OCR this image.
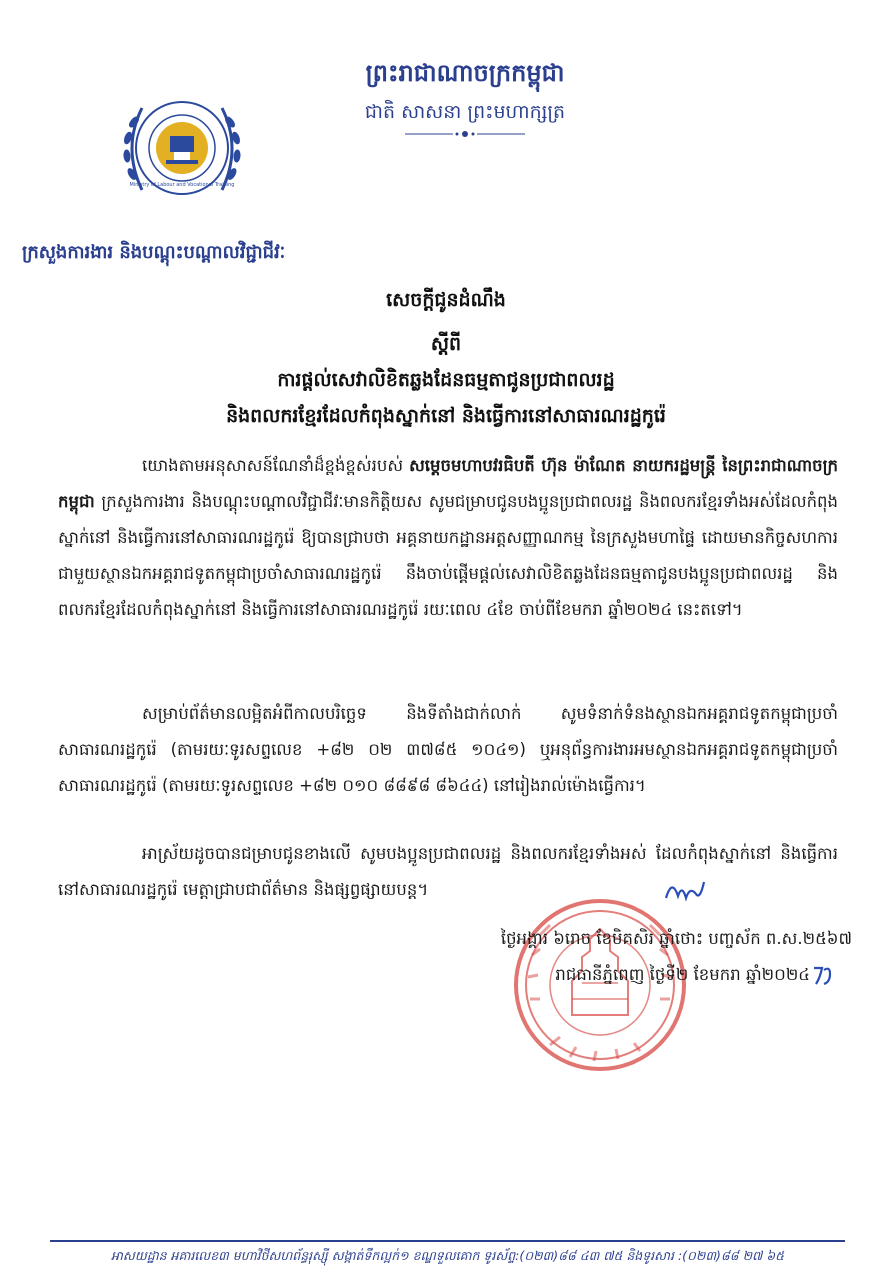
Ministry of Labour and Vocational Training
ព្រះរាជាណាចក្រកម្ពុជា
ជាតិ សាសនា ព្រះមហាក្សត្រ
ក្រសួងការងារ និងបណ្តុះបណ្តាលវិជ្ជាជីវៈ
សេចក្តីជូនដំណឹង
ស្តីពី
ការផ្តល់សេវាលិខិតឆ្លងដែនធម្មតាជូនប្រជាពលរដ្ឋ
និងពលករខ្មែរដែលកំពុងស្នាក់នៅ និងធ្វើការនៅសាធារណរដ្ឋកូរ៉េ

យោងតាមអនុសាសន៍ណែនាំដ៏ខ្ពង់ខ្ពស់របស់ សម្តេចមហាបវរធិបតី ហ៊ុន ម៉ាណែត នាយករដ្ឋមន្ត្រី នៃព្រះរាជាណាចក្រកម្ពុជា ក្រសួងការងារ និងបណ្តុះបណ្តាលវិជ្ជាជីវៈមានកិត្តិយស សូមជម្រាបជូនបងប្អូនប្រជាពលរដ្ឋ និងពលករខ្មែរទាំងអស់ដែលកំពុងស្នាក់នៅ និងធ្វើការនៅសាធារណរដ្ឋកូរ៉េ ឱ្យបានជ្រាបថា អគ្គនាយកដ្ឋានអត្តសញ្ញាណកម្ម នៃក្រសួងមហាផ្ទៃ ដោយមានកិច្ចសហការជាមួយស្ថានឯកអគ្គរាជទូតកម្ពុជាប្រចាំសាធារណរដ្ឋកូរ៉េ នឹងចាប់ផ្តើមផ្តល់សេវាលិខិតឆ្លងដែនធម្មតាជូនបងប្អូនប្រជាពលរដ្ឋ និងពលករខ្មែរដែលកំពុងស្នាក់នៅ និងធ្វើការនៅសាធារណរដ្ឋកូរ៉េ រយៈពេល ៤ខែ ចាប់ពីខែមករា ឆ្នាំ២០២៤ នេះតទៅ។

សម្រាប់ព័ត៌មានលម្អិតអំពីកាលបរិច្ឆេទ និងទីតាំងជាក់លាក់ សូមទំនាក់ទំនងស្ថានឯកអគ្គរាជទូតកម្ពុជាប្រចាំសាធារណរដ្ឋកូរ៉េ (តាមរយៈទូរសព្ទលេខ +៨២ ០២ ៣៧៨៥ ១០៤១) ឬអនុព័ន្ធការងារអមស្ថានឯកអគ្គរាជទូតកម្ពុជាប្រចាំសាធារណរដ្ឋកូរ៉េ (តាមរយៈទូរសព្ទលេខ +៨២ ០១០ ៨៨៩៨ ៨៦៤៤) នៅរៀងរាល់ម៉ោងធ្វើការ។

អាស្រ័យដូចបានជម្រាបជូនខាងលើ សូមបងប្អូនប្រជាពលរដ្ឋ និងពលករខ្មែរទាំងអស់ ដែលកំពុងស្នាក់នៅ និងធ្វើការនៅសាធារណរដ្ឋកូរ៉េ មេត្តាជ្រាបជាព័ត៌មាន និងផ្សព្វផ្សាយបន្ត។

ថ្ងៃអង្គារ ៦រោច ខែមិគសិរ ឆ្នាំថោះ បញ្ចស័ក ព.ស.២៥៦៧
រាជធានីភ្នំពេញ ថ្ងៃទី២ ខែមករា ឆ្នាំ២០២៤
អាសយដ្ឋាន អគារលេខ៣ មហាវិថីសហព័ន្ធរុស្ស៊ី សង្កាត់ទឹកល្អក់១ ខណ្ឌទួលគោក ទូរស័ព្ទ:(០២៣)៨៨ ៤៣ ៧៥ និងទូរសារ :(០២៣)៨៨ ២៧ ៦៥
